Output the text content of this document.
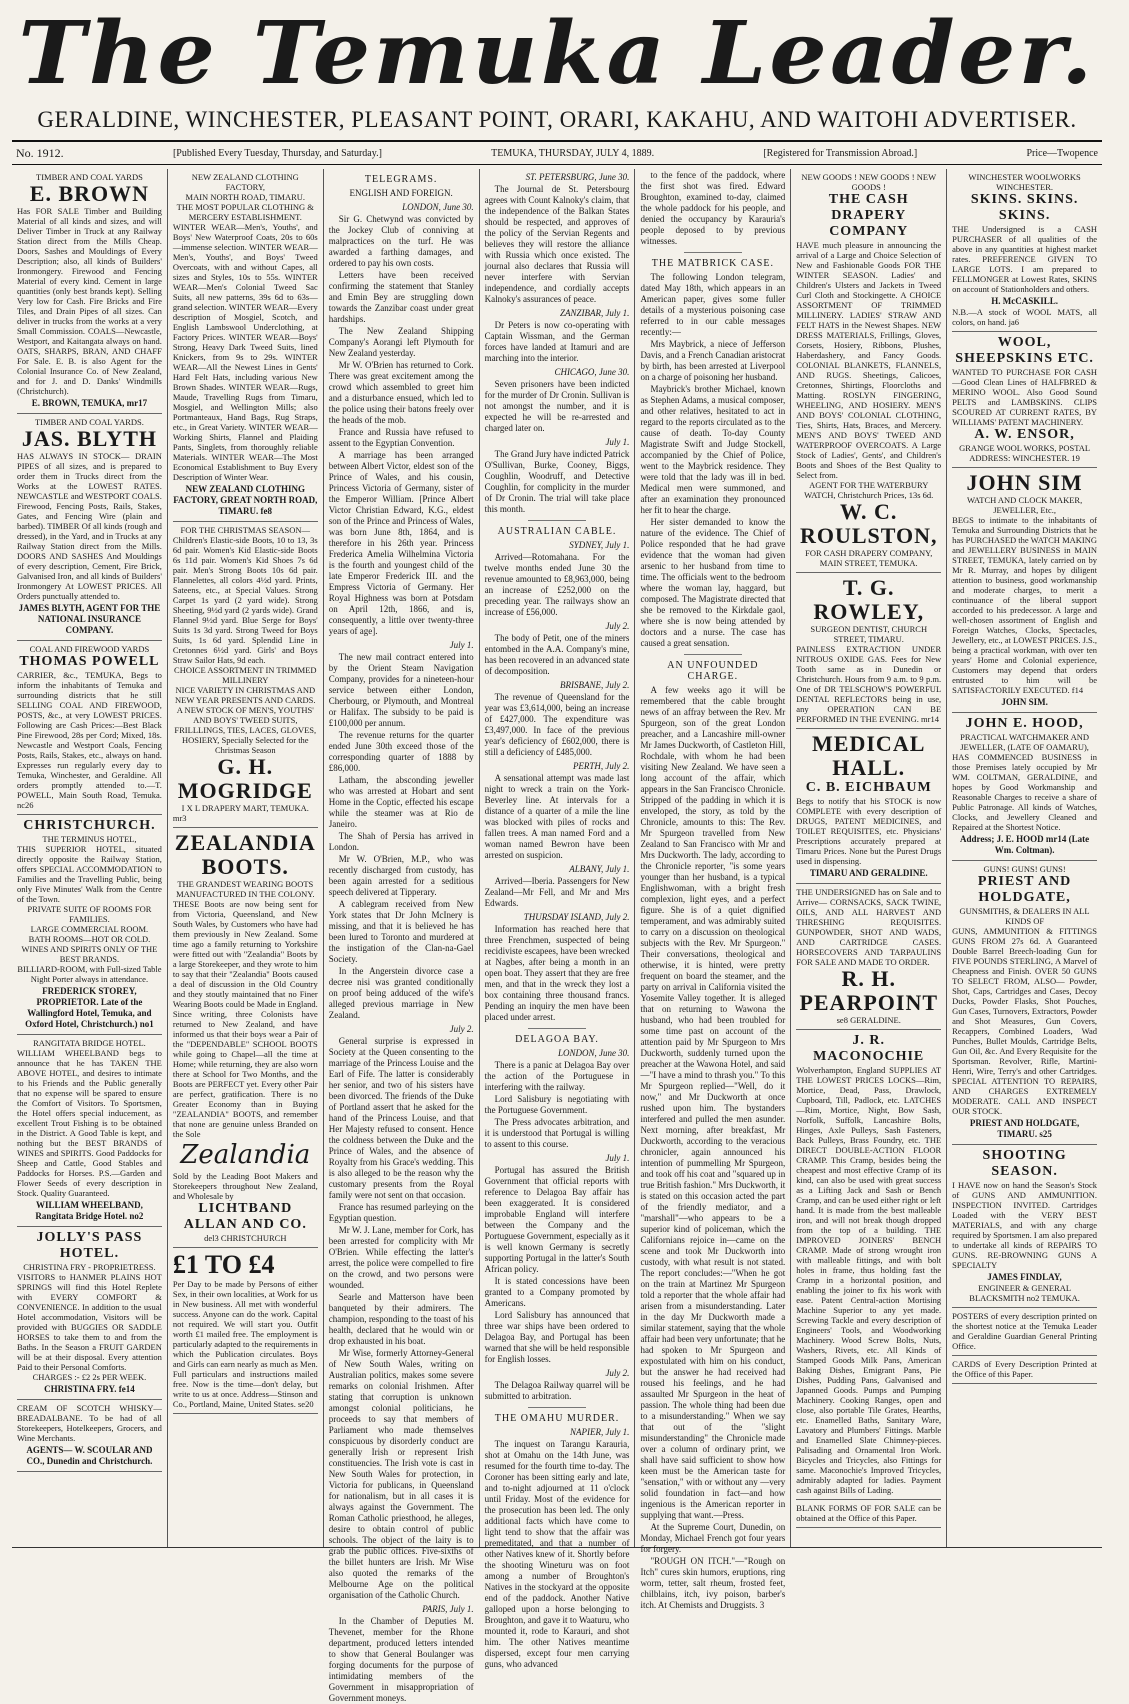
The Temuka Leader.
GERALDINE, WINCHESTER, PLEASANT POINT, ORARI, KAKAHU, AND WAITOHI ADVERTISER.
No. 1912.	[Published Every Tuesday, Thursday, and Saturday.]	TEMUKA, THURSDAY, JULY 4, 1889.	[Registered for Transmission Abroad.]	Price—Twopence
TIMBER AND COAL YARDS
E. BROWN
Has FOR SALE Timber and Building Material of all kinds and sizes, and will Deliver Timber in Truck at any Railway Station direct from the Mills Cheap. Doors, Sashes and Mouldings of Every Description; also, all kinds of Builders' Ironmongery. Firewood and Fencing Material of every kind. Cement in large quantities (only best brands kept). Selling Very low for Cash. Fire Bricks and Fire Tiles, and Drain Pipes of all sizes. Can deliver in trucks from the works at a very Small Commission. COALS—Newcastle, Westport, and Kaitangata always on hand. OATS, SHARPS, BRAN, AND CHAFF For Sale. E. B. is also Agent for the Colonial Insurance Co. of New Zealand, and for J. and D. Danks' Windmills (Christchurch).
E. BROWN, TEMUKA, mr17
TIMBER AND COAL YARDS.
JAS. BLYTH
HAS ALWAYS IN STOCK— DRAIN PIPES of all sizes, and is prepared to order them in Trucks direct from the Works at the LOWEST RATES. NEWCASTLE and WESTPORT COALS. Firewood, Fencing Posts, Rails, Stakes, Gates, and Fencing Wire (plain and barbed). TIMBER Of all kinds (rough and dressed), in the Yard, and in Trucks at any Railway Station direct from the Mills. DOORS AND SASHES And Mouldings of every description, Cement, Fire Brick, Galvanised Iron, and all kinds of Builders' Ironmongery At LOWEST PRICES. All Orders punctually attended to.
JAMES BLYTH, AGENT FOR THE NATIONAL INSURANCE COMPANY.
COAL AND FIREWOOD YARDS
THOMAS POWELL
CARRIER, &c., TEMUKA, Begs to inform the inhabitants of Temuka and surrounding districts that he still SELLING COAL AND FIREWOOD, POSTS, &c., at very LOWEST PRICES. Following are Cash Prices:—Best Black Pine Firewood, 28s per Cord; Mixed, 18s. Newcastle and Westport Coals, Fencing Posts, Rails, Stakes, etc., always on hand. Expresses run regularly every day to Temuka, Winchester, and Geraldine. All orders promptly attended to.—T. POWELL, Main South Road, Temuka. nc26
CHRISTCHURCH.
THE TERMINUS HOTEL,
THIS SUPERIOR HOTEL, situated directly opposite the Railway Station, offers SPECIAL ACCOMMODATION to Families and the Travelling Public, being only Five Minutes' Walk from the Centre of the Town.
PRIVATE SUITE OF ROOMS FOR FAMILIES.
LARGE COMMERCIAL ROOM.
BATH ROOMS—HOT OR COLD.
WINES AND SPIRITS ONLY OF THE BEST BRANDS.
BILLIARD-ROOM, with Full-sized Table
Night Porter always in attendance.
FREDERICK STOREY, PROPRIETOR. Late of the Wallingford Hotel, Temuka, and Oxford Hotel, Christchurch.) no1
RANGITATA BRIDGE HOTEL.
WILLIAM WHEELBAND begs to announce that he has TAKEN THE ABOVE HOTEL, and desires to intimate to his Friends and the Public generally that no expense will be spared to ensure the Comfort of Visitors. To Sportsmen, the Hotel offers special inducement, as excellent Trout Fishing is to be obtained in the District. A Good Table is kept, and nothing but the BEST BRANDS of WINES and SPIRITS. Good Paddocks for Sheep and Cattle, Good Stables and Paddocks for Horses. P.S.—Garden and Flower Seeds of every description in Stock. Quality Guaranteed.
WILLIAM WHEELBAND, Rangitata Bridge Hotel. no2
JOLLY'S PASS HOTEL.
CHRISTINA FRY - PROPRIETRESS.
VISITORS to HANMER PLAINS HOT SPRINGS will find this Hotel Replete with EVERY COMFORT & CONVENIENCE. In addition to the usual Hotel accommodation, Visitors will be provided with BUGGIES OR SADDLE HORSES to take them to and from the Baths. In the Season a FRUIT GARDEN will be at their disposal. Every attention Paid to their Personal Comforts.
CHARGES :- £2 2s PER WEEK.
CHRISTINA FRY. fe14
CREAM OF SCOTCH WHISKY—BREADALBANE. To be had of all Storekeepers, Hotelkeepers, Grocers, and Wine Merchants.
AGENTS— W. SCOULAR AND CO., Dunedin and Christchurch.
NEW ZEALAND CLOTHING FACTORY,
MAIN NORTH ROAD, TIMARU.
THE MOST POPULAR CLOTHING & MERCERY ESTABLISHMENT.
WINTER WEAR—Men's, Youths', and Boys' New Waterproof Coats, 20s to 60s—immense selection. WINTER WEAR—Men's, Youths', and Boys' Tweed Overcoats, with and without Capes, all sizes and Styles, 10s to 55s. WINTER WEAR—Men's Colonial Tweed Sac Suits, all new patterns, 39s 6d to 63s—grand selection. WINTER WEAR—Every description of Mosgiel, Scotch, and English Lambswool Underclothing, at Factory Prices. WINTER WEAR—Boys' Strong, Heavy Dark Tweed Suits, lined Knickers, from 9s to 29s. WINTER WEAR—All the Newest Lines in Gents' Hard Felt Hats, including various New Brown Shades. WINTER WEAR—Rugs, Maude, Travelling Rugs from Timaru, Mosgiel, and Wellington Mills; also Portmanteaux, Hand Bags, Rug Straps, etc., in Great Variety. WINTER WEAR—Working Shirts, Flannel and Plaiding Pants, Singlets, from thoroughly reliable Materials. WINTER WEAR—The Most Economical Establishment to Buy Every Description of Winter Wear.
NEW ZEALAND CLOTHING FACTORY, GREAT NORTH ROAD, TIMARU. fe8
FOR THE CHRISTMAS SEASON—
Children's Elastic-side Boots, 10 to 13, 3s 6d pair. Women's Kid Elastic-side Boots 6s 11d pair. Women's Kid Shoes 7s 6d pair. Men's Strong Boots 10s 6d pair. Flannelettes, all colors 4½d yard. Prints, Sateens, etc., at Special Values. Strong Carpet 1s yard (2 yard wide). Strong Sheeting, 9½d yard (2 yards wide). Grand Flannel 9½d yard. Blue Serge for Boys' Suits 1s 3d yard. Strong Tweed for Boys Suits, 1s 6d yard. Splendid Line in Cretonnes 6½d yard. Girls' and Boys Straw Sailor Hats, 9d each.
CHOICE ASSORTMENT IN TRIMMED MILLINERY
NICE VARIETY IN CHRISTMAS AND NEW YEAR PRESENTS AND CARDS.
A NEW STOCK OF MEN'S, YOUTHS' AND BOYS' TWEED SUITS, FRILLLINGS, TIES, LACES, GLOVES, HOSIERY, Specially Selected for the Christmas Season
G. H. MOGRIDGE
I X L DRAPERY MART, TEMUKA.
mr3
ZEALANDIA BOOTS.
THE GRANDEST WEARING BOOTS MANUFACTURED IN THE COLONY.
THESE Boots are now being sent for from Victoria, Queensland, and New South Wales, by Customers who have had them previously in New Zealand. Some time ago a family returning to Yorkshire were fitted out with "Zealandia" Boots by a large Storekeeper, and they wrote to him to say that their "Zealandia" Boots caused a deal of discussion in the Old Country and they stoutly maintained that no Finer Wearing Boots could be Made in England. Since writing, three Colonists have returned to New Zealand, and have informed us that their boys wear a Pair of the "DEPENDABLE" SCHOOL BOOTS while going to Chapel—all the time at Home; while returning, they are also worn there at School for Two Months, and the Boots are PERFECT yet. Every other Pair are perfect, gratification. There is no Greater Economy than in Buying "ZEALANDIA" BOOTS, and remember that none are genuine unless Branded on the Sole
Zealandia
Sold by the Leading Boot Makers and Storekeepers throughout New Zealand, and Wholesale by
LICHTBAND ALLAN AND CO.
del3 CHRISTCHURCH
£1 TO £4
Per Day to be made by Persons of either Sex, in their own localities, at Work for us in New business. All met with wonderful success. Anyone can do the work. Capital not required. We will start you. Outfit worth £1 mailed free. The employment is particularly adapted to the requirements in which the Publication circulates. Boys and Girls can earn nearly as much as Men. Full particulars and instructions mailed free. Now is the time—don't delay, but write to us at once. Address—Stinson and Co., Portland, Maine, United States. se20
TELEGRAMS.
ENGLISH AND FOREIGN.
LONDON, June 30.

Sir G. Chetwynd was convicted by the Jockey Club of conniving at malpractices on the turf. He was awarded a farthing damages, and ordered to pay his own costs.

Letters have been received confirming the statement that Stanley and Emin Bey are struggling down towards the Zanzibar coast under great hardships.

The New Zealand Shipping Company's Aorangi left Plymouth for New Zealand yesterday.

Mr W. O'Brien has returned to Cork. There was great excitement among the crowd which assembled to greet him and a disturbance ensued, which led to the police using their batons freely over the heads of the mob.

France and Russia have refused to assent to the Egyptian Convention.

A marriage has been arranged between Albert Victor, eldest son of the Prince of Wales, and his cousin, Princess Victoria of Germany, sister of the Emperor William. [Prince Albert Victor Christian Edward, K.G., eldest son of the Prince and Princess of Wales, was born June 8th, 1864, and is therefore in his 26th year. Princess Frederica Amelia Wilhelmina Victoria is the fourth and youngest child of the late Emperor Frederick III. and the Empress Victoria of Germany. Her Royal Highness was born at Potsdam on April 12th, 1866, and is, consequently, a little over twenty-three years of age].

July 1.

The new mail contract entered into by the Orient Steam Navigation Company, provides for a nineteen-hour service between either London, Cherbourg, or Plymouth, and Montreal or Halifax. The subsidy to be paid is £100,000 per annum.

The revenue returns for the quarter ended June 30th exceed those of the corresponding quarter of 1888 by £86,000.

Latham, the absconding jeweller who was arrested at Hobart and sent Home in the Coptic, effected his escape while the steamer was at Rio de Janeiro.

The Shah of Persia has arrived in London.

Mr W. O'Brien, M.P., who was recently discharged from custody, has been again arrested for a seditious speech delivered at Tipperary.

A cablegram received from New York states that Dr John McInery is missing, and that it is believed he has been lured to Toronto and murdered at the instigation of the Clan-na-Gael Society.

In the Angerstein divorce case a decree nisi was granted conditionally on proof being adduced of the wife's alleged previous marriage in New Zealand.

July 2.

General surprise is expressed in Society at the Queen consenting to the marriage of the Princess Louise and the Earl of Fife. The latter is considerably her senior, and two of his sisters have been divorced. The friends of the Duke of Portland assert that he asked for the hand of the Princess Louise, and that Her Majesty refused to consent. Hence the coldness between the Duke and the Prince of Wales, and the absence of Royalty from his Grace's wedding. This is also alleged to be the reason why the customary presents from the Royal family were not sent on that occasion.

France has resumed parleying on the Egyptian question.

Mr W. J. Lane, member for Cork, has been arrested for complicity with Mr O'Brien. While effecting the latter's arrest, the police were compelled to fire on the crowd, and two persons were wounded.

Searle and Matterson have been banqueted by their admirers. The champion, responding to the toast of his health, declared that he would win or drop exhausted in his boat.

Mr Wise, formerly Attorney-General of New South Wales, writing on Australian politics, makes some severe remarks on colonial Irishmen. After stating that corruption is unknown amongst colonial politicians, he proceeds to say that members of Parliament who made themselves conspicuous by disorderly conduct are generally Irish or represent Irish constituencies. The Irish vote is cast in New South Wales for protection, in Victoria for publicans, in Queensland for nationalism, but in all cases it is always against the Government. The Roman Catholic priesthood, he alleges, desire to obtain control of public schools. The object of the laity is to grab the public offices. Five-sixths of the billet hunters are Irish. Mr Wise also quoted the remarks of the Melbourne Age on the political organisation of the Catholic Church.

PARIS, July 1.

In the Chamber of Deputies M. Thevenet, member for the Rhone department, produced letters intended to show that General Boulanger was forging documents for the purpose of intimidating members of the Government in misappropriation of Government moneys.

ST. PETERSBURG, June 30.

The Journal de St. Petersbourg agrees with Count Kalnoky's claim, that the independence of the Balkan States should be respected, and approves of the policy of the Servian Regents and believes they will restore the alliance with Russia which once existed. The journal also declares that Russia will never interfere with Servian independence, and cordially accepts Kalnoky's assurances of peace.

ZANZIBAR, July 1.

Dr Peters is now co-operating with Captain Wissman, and the German forces have landed at Itamuri and are marching into the interior.

CHICAGO, June 30.

Seven prisoners have been indicted for the murder of Dr Cronin. Sullivan is not amongst the number, and it is expected he will be re-arrested and charged later on.

July 1.

The Grand Jury have indicted Patrick O'Sullivan, Burke, Cooney, Biggs, Coughlin, Woodruff, and Detective Coughlin, for complicity in the murder of Dr Cronin. The trial will take place this month.

AUSTRALIAN CABLE.
SYDNEY, July 1.

Arrived—Rotomahana. For the twelve months ended June 30 the revenue amounted to £8,963,000, being an increase of £252,000 on the preceding year. The railways show an increase of £56,000.

July 2.

The body of Petit, one of the miners entombed in the A.A. Company's mine, has been recovered in an advanced state of decomposition.

BRISBANE, July 2.

The revenue of Queensland for the year was £3,614,000, being an increase of £427,000. The expenditure was £3,497,000. In face of the previous year's deficiency of £602,000, there is still a deficiency of £485,000.

PERTH, July 2.

A sensational attempt was made last night to wreck a train on the York-Beverley line. At intervals for a distance of a quarter of a mile the line was blocked with piles of rocks and fallen trees. A man named Ford and a woman named Bewron have been arrested on suspicion.

ALBANY, July 1.

Arrived—Iberia. Passengers for New Zealand—Mr Fell, and Mr and Mrs Edwards.

THURSDAY ISLAND, July 2.

Information has reached here that three Frenchmen, suspected of being recidiviste escapees, have been wrecked at Nagbes, after being a month in an open boat. They assert that they are free men, and that in the wreck they lost a box containing three thousand francs. Pending an inquiry the men have been placed under arrest.

DELAGOA BAY.
LONDON, June 30.

There is a panic at Delagoa Bay over the action of the Portuguese in interfering with the railway.

Lord Salisbury is negotiating with the Portuguese Government.

The Press advocates arbitration, and it is understood that Portugal is willing to assent to this course.

July 1.

Portugal has assured the British Government that official reports with reference to Delagoa Bay affair has been exaggerated. It is considered improbable England will interfere between the Company and the Portuguese Government, especially as it is well known Germany is secretly supporting Portugal in the latter's South African policy.

It is stated concessions have been granted to a Company promoted by Americans.

Lord Salisbury has announced that three war ships have been ordered to Delagoa Bay, and Portugal has been warned that she will be held responsible for English losses.

July 2.

The Delagoa Railway quarrel will be submitted to arbitration.

THE OMAHU MURDER.
NAPIER, July 1.

The inquest on Tarangu Karauria, shot at Omahu on the 14th June, was resumed for the fourth time to-day. The Coroner has been sitting early and late, and to-night adjourned at 11 o'clock until Friday. Most of the evidence for the prosecution has been led. The only additional facts which have come to light tend to show that the affair was premeditated, and that a number of other Natives knew of it. Shortly before the shooting Wineturu was on foot among a number of Broughton's Natives in the stockyard at the opposite end of the paddock. Another Native galloped upon a horse belonging to Broughton, and gave it to Waaturu, who mounted it, rode to Karauri, and shot him. The other Natives meantime dispersed, except four men carrying guns, who advanced

to the fence of the paddock, where the first shot was fired. Edward Broughton, examined to-day, claimed the whole paddock for his people, and denied the occupancy by Karauria's people deposed to by previous witnesses.

THE MATBRICK CASE.

The following London telegram, dated May 18th, which appears in an American paper, gives some fuller details of a mysterious poisoning case referred to in our cable messages recently:—

Mrs Maybrick, a niece of Jefferson Davis, and a French Canadian aristocrat by birth, has been arrested at Liverpool on a charge of poisoning her husband.

Maybrick's brother Michael, known as Stephen Adams, a musical composer, and other relatives, hesitated to act in regard to the reports circulated as to the cause of death. To-day County Magistrate Swift and Judge Stockell, accompanied by the Chief of Police, went to the Maybrick residence. They were told that the lady was ill in bed. Medical men were summoned, and after an examination they pronounced her fit to hear the charge.

Her sister demanded to know the nature of the evidence. The Chief of Police responded that he had grave evidence that the woman had given arsenic to her husband from time to time. The officials went to the bedroom where the woman lay, haggard, but composed. The Magistrate directed that she be removed to the Kirkdale gaol, where she is now being attended by doctors and a nurse. The case has caused a great sensation.

AN UNFOUNDED CHARGE.

A few weeks ago it will be remembered that the cable brought news of an affray between the Rev. Mr Spurgeon, son of the great London preacher, and a Lancashire mill-owner Mr James Duckworth, of Castleton Hill, Rochdale, with whom he had been visiting New Zealand. We have seen a long account of the affair, which appears in the San Francisco Chronicle. Stripped of the padding in which it is enveloped, the story, as told by the Chronicle, amounts to this: The Rev. Mr Spurgeon travelled from New Zealand to San Francisco with Mr and Mrs Duckworth. The lady, according to the Chronicle reporter, "is some years younger than her husband, is a typical Englishwoman, with a bright fresh complexion, light eyes, and a perfect figure. She is of a quiet dignified temperament, and was admirably suited to carry on a discussion on theological subjects with the Rev. Mr Spurgeon." Their conversations, theological and otherwise, it is hinted, were pretty frequent on board the steamer, and the party on arrival in California visited the Yosemite Valley together. It is alleged that on returning to Wawona the husband, who had been troubled for some time past on account of the attention paid by Mr Spurgeon to Mrs Duckworth, suddenly turned upon the preacher at the Wawona Hotel, and said—"I have a mind to thrash you." To this Mr Spurgeon replied—"Well, do it now," and Mr Duckworth at once rushed upon him. The bystanders interfered and pulled the men asunder. Next morning, after breakfast, Mr Duckworth, according to the veracious chronicler, again announced his intention of pummelling Mr Spurgeon, and took off his coat and "squared up in true British fashion." Mrs Duckworth, it is stated on this occasion acted the part of the friendly mediator, and a "marshall"—who appears to be a superior kind of policeman, which the Californians rejoice in—came on the scene and took Mr Duckworth into custody, with what result is not stated. The report concludes:—"When he got on the train at Martinez Mr Spurgeon told a reporter that the whole affair had arisen from a misunderstanding. Later in the day Mr Duckworth made a similar statement, saying that the whole affair had been very unfortunate; that he had spoken to Mr Spurgeon and expostulated with him on his conduct, but the answer he had received had roused his feelings, and he had assaulted Mr Spurgeon in the heat of passion. The whole thing had been due to a misunderstanding." When we say that out of the "slight misunderstanding" the Chronicle made over a column of ordinary print, we shall have said sufficient to show how keen must be the American taste for "sensation," with or without any —very solid foundation in fact—and how ingenious is the American reporter in supplying that want.—Press.

At the Supreme Court, Dunedin, on Monday, Michael French got four years for forgery.

"ROUGH ON ITCH."—"Rough on Itch" cures skin humors, eruptions, ring worm, tetter, salt rheum, frosted feet, chilblains, itch, ivy poison, barber's itch. At Chemists and Druggists. 3

NEW GOODS ! NEW GOODS ! NEW GOODS !
THE CASH DRAPERY COMPANY
HAVE much pleasure in announcing the arrival of a Large and Choice Selection of New and Fashionable Goods FOR THE WINTER SEASON. Ladies' and Children's Ulsters and Jackets in Tweed Curl Cloth and Stockingette. A CHOICE ASSORTMENT OF TRIMMED MILLINERY. LADIES' STRAW AND FELT HATS in the Newest Shapes. NEW DRESS MATERIALS, Frillings, Gloves, Corsets, Hosiery, Ribbons, Plushes, Haberdashery, and Fancy Goods. COLONIAL BLANKETS, FLANNELS, AND RUGS. Sheetings, Calicoes, Cretonnes, Shirtings, Floorcloths and Matting. ROSLYN FINGERING, WHEELING, AND HOSIERY. MEN'S AND BOYS' COLONIAL CLOTHING, Ties, Shirts, Hats, Braces, and Mercery. MEN'S AND BOYS' TWEED AND WATERPROOF OVERCOATS. A Large Stock of Ladies', Gents', and Children's Boots and Shoes of the Best Quality to Select from.
AGENT FOR THE WATERBURY WATCH, Christchurch Prices, 13s 6d.
W. C. ROULSTON,
FOR CASH DRAPERY COMPANY, MAIN STREET, TEMUKA.
T. G. ROWLEY,
SURGEON DENTIST, CHURCH STREET, TIMARU.
PAINLESS EXTRACTION UNDER NITROUS OXIDE GAS. Fees for New Tooth same as in Dunedin or Christchurch. Hours from 9 a.m. to 9 p.m. One of DR TELSCHOW'S POWERFUL DENTAL REFLECTORS being in use, any OPERATION CAN BE PERFORMED IN THE EVENING. mr14
MEDICAL HALL.
C. B. EICHBAUM
Begs to notify that his STOCK is now COMPLETE with every description of DRUGS, PATENT MEDICINES, and TOILET REQUISITES, etc. Physicians' Prescriptions accurately prepared at Timaru Prices. None but the Purest Drugs used in dispensing.
TIMARU AND GERALDINE.
THE UNDERSIGNED has on Sale and to Arrive— CORNSACKS, SACK TWINE, OILS, AND ALL HARVEST AND THRESHING REQUISITES. GUNPOWDER, SHOT AND WADS, AND CARTRIDGE CASES. HORSECOVERS AND TARPAULINS FOR SALE AND MADE TO ORDER.
R. H. PEARPOINT
se8 GERALDINE.
J. R. MACONOCHIE
Wolverhampton, England SUPPLIES AT THE LOWEST PRICES LOCKS—Rim, Mortice, Dead, Pass, Drawlock, Cupboard, Till, Padlock, etc. LATCHES—Rim, Mortice, Night, Bow Sash, Norfolk, Suffolk, Lancashire Bolts, Hinges, Axle Pulleys, Sash Fasteners, Back Pulleys, Brass Foundry, etc. THE DIRECT DOUBLE-ACTION FLOOR CRAMP. This Cramp, besides being the cheapest and most effective Cramp of its kind, can also be used with great success as a Lifting Jack and Sash or Bench Cramp, and can be used either right or left hand. It is made from the best malleable iron, and will not break though dropped from the top of a building. THE IMPROVED JOINERS' BENCH CRAMP. Made of strong wrought iron with malleable fittings, and with bolt holes in frame, thus holding fast the Cramp in a horizontal position, and enabling the joiner to fix his work with ease. Patent Central-action Mortising Machine Superior to any yet made. Screwing Tackle and every description of Engineers' Tools, and Woodworking Machinery. Wood Screw Bolts, Nuts, Washers, Rivets, etc. All Kinds of Stamped Goods Milk Pans, American Baking Dishes, Emigrant Pans, Pie Dishes, Pudding Pans, Galvanised and Japanned Goods. Pumps and Pumping Machinery. Cooking Ranges, open and close, also portable Tile Grates, Hearths, etc. Enamelled Baths, Sanitary Ware, Lavatory and Plumbers' Fittings. Marble and Enamelled Slate Chimney-pieces. Palisading and Ornamental Iron Work. Bicycles and Tricycles, also Fittings for same. Maconochie's Improved Tricycles, admirably adapted for ladies. Payment cash against Bills of Lading.
BLANK FORMS OF FOR SALE can be obtained at the Office of this Paper.
WINCHESTER WOOLWORKS
WINCHESTER.
SKINS. SKINS. SKINS.
THE Undersigned is a CASH PURCHASER of all qualities of the above in any quantities at highest market rates. PREFERENCE GIVEN TO LARGE LOTS. I am prepared to FELLMONGER at Lowest Rates, SKINS on account of Stationholders and others.
H. McCASKILL.
N.B.—A stock of WOOL MATS, all colors, on hand. ja6
WOOL, SHEEPSKINS ETC.
WANTED TO PURCHASE FOR CASH—Good Clean Lines of HALFBRED & MERINO WOOL. Also Good Sound PELTS and LAMBSKINS. CLIPS SCOURED AT CURRENT RATES, BY WILLIAMS' PATENT MACHINERY.
A. W. ENSOR,
GRANGE WOOL WORKS, POSTAL ADDRESS: WINCHESTER. 19
JOHN SIM
WATCH AND CLOCK MAKER, JEWELLER, Etc.,
BEGS to intimate to the inhabitants of Temuka and Surrounding Districts that he has PURCHASED the WATCH MAKING and JEWELLERY BUSINESS in MAIN STREET, TEMUKA, lately carried on by Mr R. Murray, and hopes by diligent attention to business, good workmanship and moderate charges, to merit a continuance of the liberal support accorded to his predecessor. A large and well-chosen assortment of English and Foreign Watches, Clocks, Spectacles, Jewellery, etc., at LOWEST PRICES. J.S., being a practical workman, with over ten years' Home and Colonial experience, Customers may depend that orders entrusted to him will be SATISFACTORILY EXECUTED. f14
JOHN SIM.
JOHN E. HOOD,
PRACTICAL WATCHMAKER AND JEWELLER, (LATE OF OAMARU),
HAS COMMENCED BUSINESS in those Premises lately occupied by Mr WM. COLTMAN, GERALDINE, and hopes by Good Workmanship and Reasonable Charges to receive a share of Public Patronage. All kinds of Watches, Clocks, and Jewellery Cleaned and Repaired at the Shortest Notice.
Address; J. E. HOOD mr14 (Late Wm. Coltman).
GUNS! GUNS! GUNS!
PRIEST AND HOLDGATE,
GUNSMITHS, & DEALERS IN ALL KINDS OF
GUNS, AMMUNITION & FITTINGS GUNS FROM 27s 6d. A Guaranteed Double Barrel Breech-loading Gun for FIVE POUNDS STERLING, A Marvel of Cheapness and Finish. OVER 50 GUNS TO SELECT FROM, ALSO— Powder, Shot, Caps, Cartridges and Cases, Decoy Ducks, Powder Flasks, Shot Pouches, Gun Cases, Turnovers, Extractors, Powder and Shot Measures, Gun Covers, Recappers, Combined Loaders, Wad Punches, Bullet Moulds, Cartridge Belts, Gun Oil, &c. And Every Requisite for the Sportsman. Revolver, Rifle, Martini-Henri, Wire, Terry's and other Cartridges. SPECIAL ATTENTION TO REPAIRS, AND CHARGES EXTREMELY MODERATE. CALL AND INSPECT OUR STOCK.
PRIEST AND HOLDGATE, TIMARU. s25
SHOOTING SEASON.
I HAVE now on hand the Season's Stock of GUNS AND AMMUNITION. INSPECTION INVITED. Cartridges Loaded with the VERY BEST MATERIALS, and with any charge required by Sportsmen. I am also prepared to undertake all kinds of REPAIRS TO GUNS. RE-BROWNING GUNS A SPECIALTY
JAMES FINDLAY,
ENGINEER & GENERAL BLACKSMITH no2 TEMUKA.
POSTERS of every description printed on the shortest notice at the Temuka Leader and Geraldine Guardian General Printing Office.
CARDS of Every Description Printed at the Office of this Paper.
